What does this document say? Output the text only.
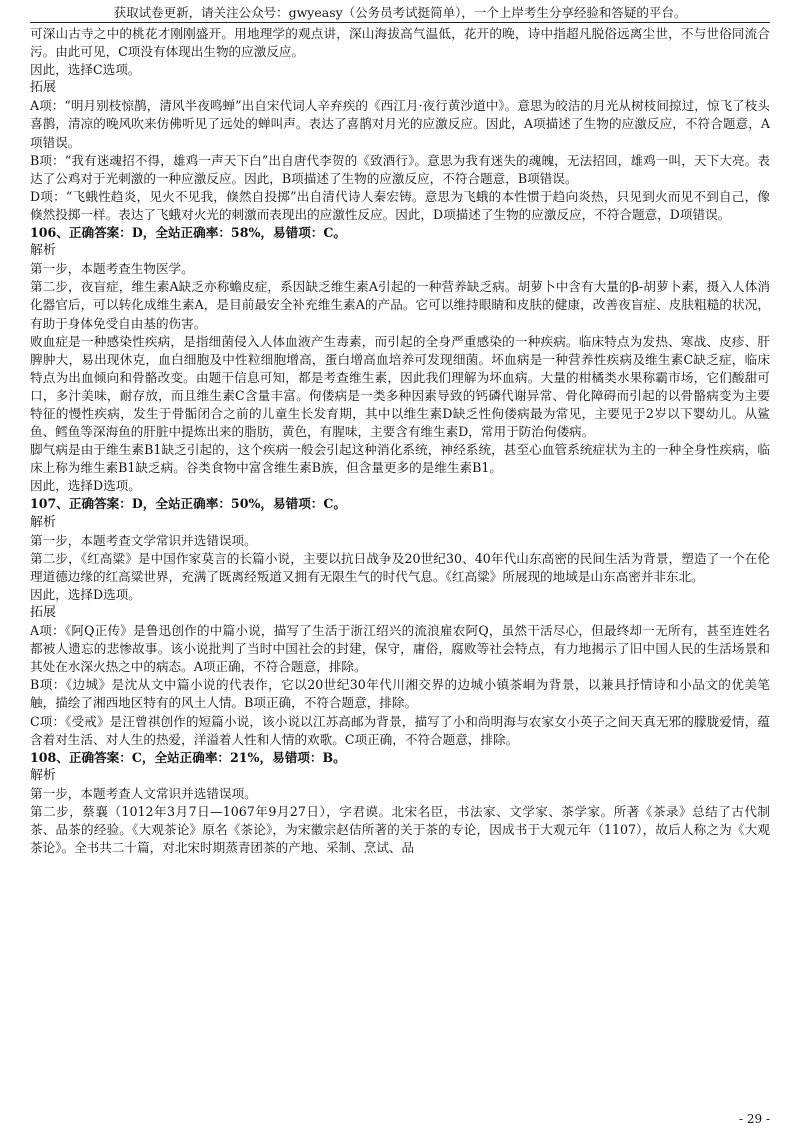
获取试卷更新，请关注公众号：gwyeasy（公务员考试挺简单），一个上岸考生分享经验和答疑的平台。

可深山古寺之中的桃花才刚刚盛开。用地理学的观点讲，深山海拔高气温低，花开的晚，诗中指超凡脱俗远离尘世，不与世俗同流合污。由此可见，C项没有体现出生物的应激反应。

因此，选择C选项。

拓展

A项：“明月别枝惊鹊，清风半夜鸣蝉”出自宋代词人辛弃疾的《西江月·夜行黄沙道中》。意思为皎洁的月光从树枝间掠过，惊飞了枝头喜鹊，清凉的晚风吹来仿佛听见了远处的蝉叫声。表达了喜鹊对月光的应激反应。因此，A项描述了生物的应激反应，不符合题意，A项错误。

B项：“我有迷魂招不得，雄鸡一声天下白”出自唐代李贺的《致酒行》。意思为我有迷失的魂魄，无法招回，雄鸡一叫，天下大亮。表达了公鸡对于光刺激的一种应激反应。因此，B项描述了生物的应激反应，不符合题意，B项错误。

D项：“飞蛾性趋炎，见火不见我，倏然自投掷”出自清代诗人秦宏铸。意思为飞蛾的本性惯于趋向炎热，只见到火而见不到自己，像倏然投掷一样。表达了飞蛾对火光的刺激而表现出的应激性反应。因此，D项描述了生物的应激反应，不符合题意，D项错误。

106、正确答案：D，全站正确率：58%，易错项：C。

解析

第一步，本题考查生物医学。

第二步，夜盲症，维生素A缺乏亦称蟾皮症，系因缺乏维生素A引起的一种营养缺乏病。胡萝卜中含有大量的β-胡萝卜素，摄入人体消化器官后，可以转化成维生素A，是目前最安全补充维生素A的产品。它可以维持眼睛和皮肤的健康，改善夜盲症、皮肤粗糙的状况，有助于身体免受自由基的伤害。

败血症是一种感染性疾病，是指细菌侵入人体血液产生毒素，而引起的全身严重感染的一种疾病。临床特点为发热、寒战、皮疹、肝脾肿大，易出现休克，血白细胞及中性粒细胞增高，蛋白增高血培养可发现细菌。坏血病是一种营养性疾病及维生素C缺乏症，临床特点为出血倾向和骨骼改变。由题干信息可知，都是考查维生素，因此我们理解为坏血病。大量的柑橘类水果称霸市场，它们酸甜可口，多汁美味，耐存放，而且维生素C含量丰富。佝偻病是一类多种因素导致的钙磷代谢异常、骨化障碍而引起的以骨骼病变为主要特征的慢性疾病，发生于骨骺闭合之前的儿童生长发育期，其中以维生素D缺乏性佝偻病最为常见，主要见于2岁以下婴幼儿。从鲨鱼、鳕鱼等深海鱼的肝脏中提炼出来的脂肪，黄色，有腥味，主要含有维生素D，常用于防治佝偻病。

脚气病是由于维生素B1缺乏引起的，这个疾病一般会引起这种消化系统，神经系统，甚至心血管系统症状为主的一种全身性疾病，临床上称为维生素B1缺乏病。谷类食物中富含维生素B族，但含量更多的是维生素B1。

因此，选择D选项。

107、正确答案：D，全站正确率：50%，易错项：C。

解析

第一步，本题考查文学常识并选错误项。

第二步，《红高粱》是中国作家莫言的长篇小说，主要以抗日战争及20世纪30、40年代山东高密的民间生活为背景，塑造了一个在伦理道德边缘的红高粱世界，充满了既离经叛道又拥有无限生气的时代气息。《红高粱》所展现的地域是山东高密并非东北。

因此，选择D选项。

拓展

A项：《阿Q正传》是鲁迅创作的中篇小说，描写了生活于浙江绍兴的流浪雇农阿Q，虽然干活尽心，但最终却一无所有，甚至连姓名都被人遗忘的悲惨故事。该小说批判了当时中国社会的封建，保守，庸俗，腐败等社会特点，有力地揭示了旧中国人民的生活场景和其处在水深火热之中的病态。A项正确，不符合题意，排除。

B项：《边城》是沈从文中篇小说的代表作，它以20世纪30年代川湘交界的边城小镇茶峒为背景，以兼具抒情诗和小品文的优美笔触，描绘了湘西地区特有的风土人情。B项正确，不符合题意，排除。

C项：《受戒》是汪曾祺创作的短篇小说，该小说以江苏高邮为背景，描写了小和尚明海与农家女小英子之间天真无邪的朦胧爱情，蕴含着对生活、对人生的热爱，洋溢着人性和人情的欢歌。C项正确，不符合题意，排除。

108、正确答案：C，全站正确率：21%，易错项：B。

解析

第一步，本题考查人文常识并选错误项。

第二步，蔡襄（1012年3月7日—1067年9月27日），字君谟。北宋名臣，书法家、文学家、茶学家。所著《茶录》总结了古代制茶、品茶的经验。《大观茶论》原名《茶论》，为宋徽宗赵佶所著的关于茶的专论，因成书于大观元年（1107），故后人称之为《大观茶论》。全书共二十篇，对北宋时期蒸青团茶的产地、采制、烹试、品

- 29 -
